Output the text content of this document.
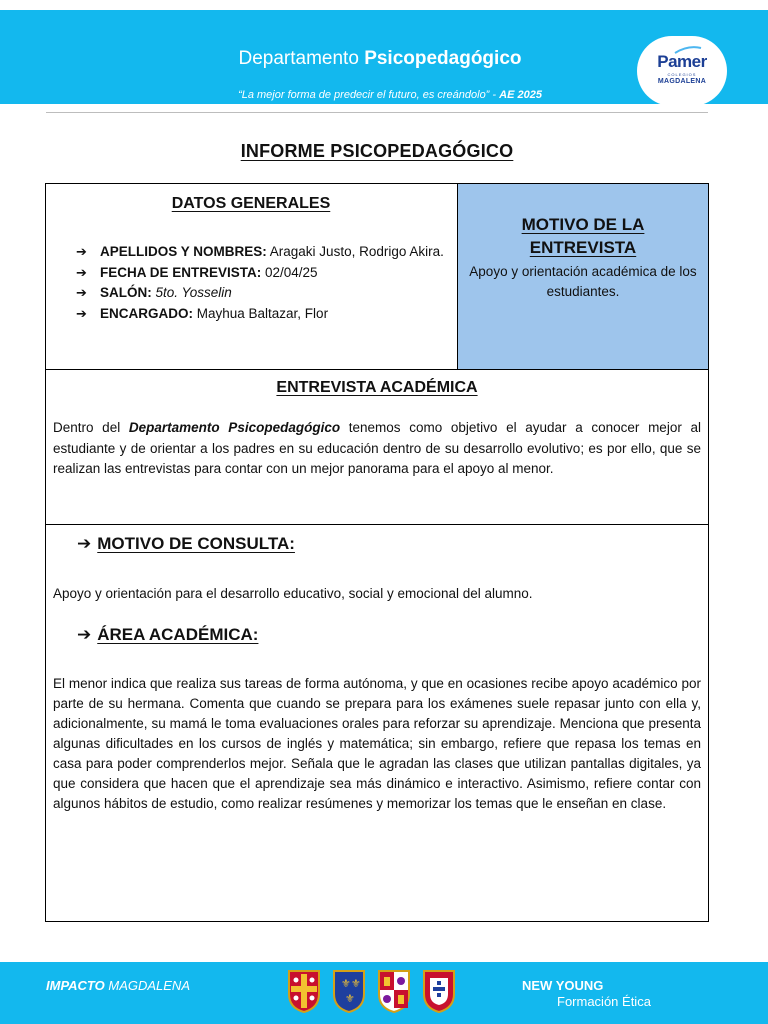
Departamento Psicopedagógico
“La mejor forma de predecir el futuro, es creándolo” - AE 2025
Pamer
COLEGIOS
MAGDALENA
INFORME PSICOPEDAGÓGICO
MOTIVO DE LA
ENTREVISTA
Apoyo y orientación académica de los estudiantes.
DATOS GENERALES
➔ APELLIDOS Y NOMBRES: Aragaki Justo, Rodrigo Akira.
➔ FECHA DE ENTREVISTA: 02/04/25
➔ SALÓN: 5to. Yosselin
➔ ENCARGADO: Mayhua Baltazar, Flor
ENTREVISTA ACADÉMICA
Dentro del Departamento Psicopedagógico tenemos como objetivo el ayudar a conocer mejor al estudiante y de orientar a los padres en su educación dentro de su desarrollo evolutivo; es por ello, que se realizan las entrevistas para contar con un mejor panorama para el apoyo al menor.
➔ MOTIVO DE CONSULTA:
Apoyo y orientación para el desarrollo educativo, social y emocional del alumno.
➔ ÁREA ACADÉMICA:
El menor indica que realiza sus tareas de forma autónoma, y que en ocasiones recibe apoyo académico por parte de su hermana. Comenta que cuando se prepara para los exámenes suele repasar junto con ella y, adicionalmente, su mamá le toma evaluaciones orales para reforzar su aprendizaje. Menciona que presenta algunas dificultades en los cursos de inglés y matemática; sin embargo, refiere que repasa los temas en casa para poder comprenderlos mejor. Señala que le agradan las clases que utilizan pantallas digitales, ya que considera que hacen que el aprendizaje sea más dinámico e interactivo. Asimismo, refiere contar con algunos hábitos de estudio, como realizar resúmenes y memorizar los temas que le enseñan en clase.
IMPACTO MAGDALENA	⚜ ⚜
⚜
NEW YOUNG
Formación Ética
